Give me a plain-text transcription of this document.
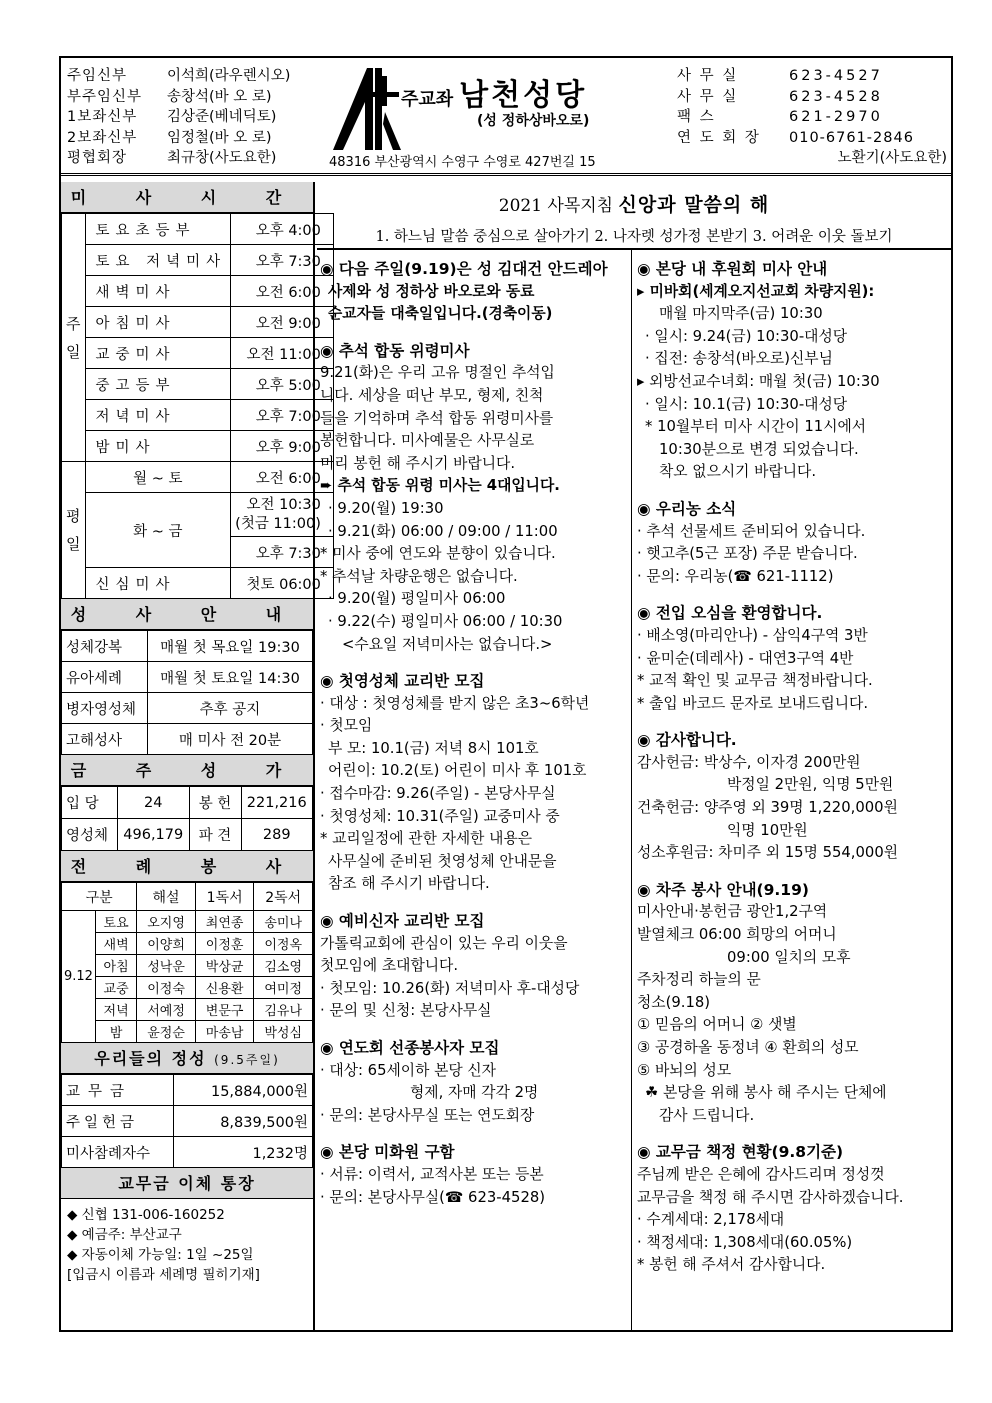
주임신부	이석희(라우렌시오)
부주임신부	송창석(바 오 로)
1보좌신부	김상준(베네딕토)
2보좌신부	임정철(바 오 로)
평협회장	최규창(사도요한)
주교좌 남천성당
(성 정하상바오로)
48316 부산광역시 수영구 수영로 427번길 15
사 무 실	623-4527
사 무 실	623-4528
팩 스	621-2970
연 도 회 장	010-6761-2846
노환기(사도요한)
미 사 시 간
주일	토요초등부	오후 4:00
	토요 저녁미사	오후 7:30
	새벽미사	오전 6:00
	아침미사	오전 9:00
	교중미사	오전 11:00
	중고등부	오후 5:00
	저녁미사	오후 7:00
	밤미사	오후 9:00
평일	월 ~ 토	오전 6:00
	화 ~ 금	오전 10:30
(첫금 11:00)
		오후 7:30
	신심미사	첫토 06:00
성 사 안 내
성체강복	매월 첫 목요일 19:30
유아세례	매월 첫 토요일 14:30
병자영성체	추후 공지
고해성사	매 미사 전 20분
금 주 성 가
입 당	24	봉 헌	221,216
영성체	496,179	파 견	289
전 례 봉 사
구분		해설	1독서	2독서
9.12	토요	오지영	최연종	송미나
	새벽	이양희	이정훈	이정옥
	아침	성낙운	박상균	김소영
	교중	이정숙	신용환	여미정
	저녁	서예정	변문구	김유나
	밤	윤정순	마송남	박성심
우리들의 정성 (9.5주일)
교무금	15,884,000원
주일헌금	8,839,500원
미사참례자수	1,232명
교무금 이체 통장
◆ 신협 131-006-160252
◆ 예금주: 부산교구
◆ 자동이체 가능일: 1일 ~25일
[입금시 이름과 세례명 필히기재]
2021 사목지침 신앙과 말씀의 해
1. 하느님 말씀 중심으로 살아가기 2. 나자렛 성가정 본받기 3. 어려운 이웃 돌보기
◉ 다음 주일(9.19)은 성 김대건 안드레아
사제와 성 정하상 바오로와 동료
순교자들 대축일입니다.(경축이동)
◉ 추석 합동 위령미사
9.21(화)은 우리 고유 명절인 추석입
니다. 세상을 떠난 부모, 형제, 친척
들을 기억하며 추석 합동 위령미사를
봉헌합니다. 미사예물은 사무실로
미리 봉헌 해 주시기 바랍니다.
➨ 추석 합동 위령 미사는 4대입니다.
· 9.20(월) 19:30
· 9.21(화) 06:00 / 09:00 / 11:00
* 미사 중에 연도와 분향이 있습니다.
* 추석날 차량운행은 없습니다.
· 9.20(월) 평일미사 06:00
· 9.22(수) 평일미사 06:00 / 10:30
<수요일 저녁미사는 없습니다.>
◉ 첫영성체 교리반 모집
· 대상 : 첫영성체를 받지 않은 초3~6학년
· 첫모임
부 모: 10.1(금) 저녁 8시 101호
어린이: 10.2(토) 어린이 미사 후 101호
· 접수마감: 9.26(주일) - 본당사무실
· 첫영성체: 10.31(주일) 교중미사 중
* 교리일정에 관한 자세한 내용은
사무실에 준비된 첫영성체 안내문을
참조 해 주시기 바랍니다.
◉ 예비신자 교리반 모집
가톨릭교회에 관심이 있는 우리 이웃을
첫모임에 초대합니다.
· 첫모임: 10.26(화) 저녁미사 후-대성당
· 문의 및 신청: 본당사무실
◉ 연도회 선종봉사자 모집
· 대상: 65세이하 본당 신자
형제, 자매 각각 2명
· 문의: 본당사무실 또는 연도회장
◉ 본당 미화원 구함
· 서류: 이력서, 교적사본 또는 등본
· 문의: 본당사무실(☎ 623-4528)
◉ 본당 내 후원회 미사 안내
▸ 미바회(세계오지선교회 차량지원):
매월 마지막주(금) 10:30
· 일시: 9.24(금) 10:30-대성당
· 집전: 송창석(바오로)신부님
▸ 외방선교수녀회: 매월 첫(금) 10:30
· 일시: 10.1(금) 10:30-대성당
* 10월부터 미사 시간이 11시에서
10:30분으로 변경 되었습니다.
착오 없으시기 바랍니다.
◉ 우리농 소식
· 추석 선물세트 준비되어 있습니다.
· 햇고추(5근 포장) 주문 받습니다.
· 문의: 우리농(☎ 621-1112)
◉ 전입 오심을 환영합니다.
· 배소영(마리안나) - 삼익4구역 3반
· 윤미순(데레사) - 대연3구역 4반
* 교적 확인 및 교무금 책정바랍니다.
* 출입 바코드 문자로 보내드립니다.
◉ 감사합니다.
감사헌금: 박상수, 이자경 200만원
박정일 2만원, 익명 5만원
건축헌금: 양주영 외 39명 1,220,000원
익명 10만원
성소후원금: 차미주 외 15명 554,000원
◉ 차주 봉사 안내(9.19)
미사안내·봉헌금 광안1,2구역
발열체크 06:00 희망의 어머니
09:00 일치의 모후
주차정리 하늘의 문
청소(9.18)
① 믿음의 어머니 ② 샛별
③ 공경하올 동정녀 ④ 환희의 성모
⑤ 바뇌의 성모
☘ 본당을 위해 봉사 해 주시는 단체에
감사 드립니다.
◉ 교무금 책정 현황(9.8기준)
주님께 받은 은혜에 감사드리며 정성껏
교무금을 책정 해 주시면 감사하겠습니다.
· 수계세대: 2,178세대
· 책정세대: 1,308세대(60.05%)
* 봉헌 해 주셔서 감사합니다.
